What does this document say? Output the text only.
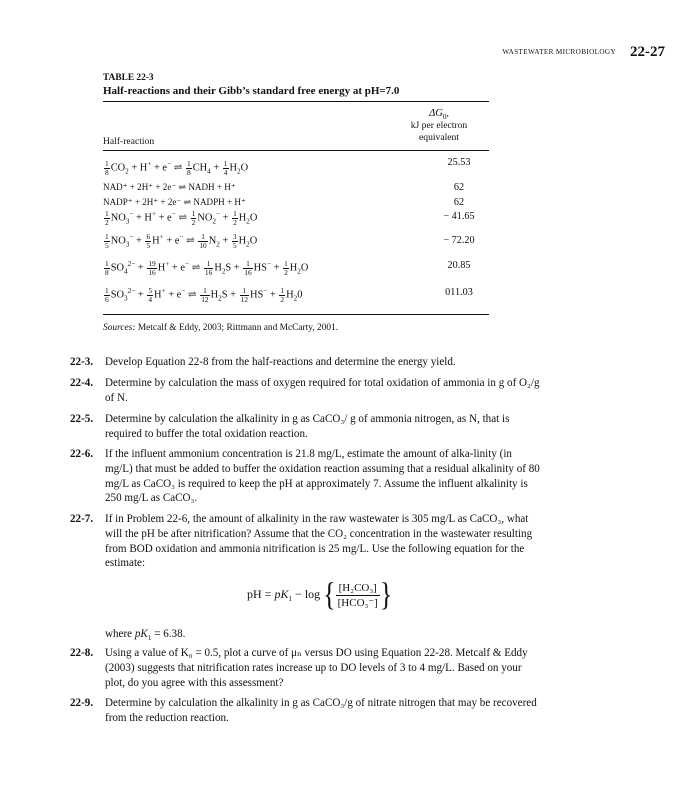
WASTEWATER MICROBIOLOGY 22-27
TABLE 22-3
Half-reactions and their Gibb’s standard free energy at pH=7.0
$\Delta G_0$,
kJ per electron
equivalent
Half-reaction
$\frac{1}{8} CO_2 + H^+ + e^-$ ⇌ $\frac{1}{8} CH_4 + \frac{1}{4} H_2O$	25.53
NAD⁺ + 2H⁺ + 2e⁻ ⇌ NADH + H⁺	62
NADP⁺ + 2H⁺ + 2e⁻ ⇌ NADPH + H⁺	62
$\frac{1}{2} NO_3^- + H^+ + e^-$ ⇌ $\frac{1}{2} NO_2^- + \frac{1}{2} H_2O$	− 41.65
$\frac{1}{5} NO_3^- + \frac{6}{5} H^+ + e^-$ ⇌ $\frac{1}{10} N_2 + \frac{3}{5} H_2O$	− 72.20
$\frac{1}{8} SO_4^{2-} + \frac{19}{16} H^+ + e^-$ ⇌ $\frac{1}{16} H_2S + \frac{1}{16} HS^- + \frac{1}{2} H_2O$	20.85
$\frac{1}{6} SO_3^{2-} + \frac{5}{4} H^+ + e^-$ ⇌ $\frac{1}{12} H_2S + \frac{1}{12} HS^- + \frac{1}{2} H_20$	011.03
Sources: Metcalf & Eddy, 2003; Rittmann and McCarty, 2001.
22-3. Develop Equation 22-8 from the half-reactions and determine the energy yield.
22-4. Determine by calculation the mass of oxygen required for total oxidation of ammonia in g of O₂/g of N.
22-5. Determine by calculation the alkalinity in g as CaCO₃/ g of ammonia nitrogen, as N, that is required to buffer the total oxidation reaction.
22-6. If the influent ammonium concentration is 21.8 mg/L, estimate the amount of alka-linity (in mg/L) that must be added to buffer the oxidation reaction assuming that a residual alkalinity of 80 mg/L as CaCO₃ is required to keep the pH at approximately 7. Assume the influent alkalinity is 250 mg/L as CaCO₃.
22-7. If in Problem 22-6, the amount of alkalinity in the raw wastewater is 305 mg/L as CaCO₃, what will the pH be after nitrification? Assume that the CO₂ concentration in the wastewater resulting from BOD oxidation and ammonia nitrification is 25 mg/L. Use the following equation for the estimate:
pH = $pK_1 - \log$ { [H₂CO₃]
[HCO₃⁻] }
where $pK_1 = 6.38$.
22-8. Using a value of K₀ = 0.5, plot a curve of μₙ versus DO using Equation 22-28. Metcalf & Eddy (2003) suggests that nitrification rates increase up to DO levels of 3 to 4 mg/L. Based on your plot, do you agree with this assessment?
22-9. Determine by calculation the alkalinity in g as CaCO₃/g of nitrate nitrogen that may be recovered from the reduction reaction.
